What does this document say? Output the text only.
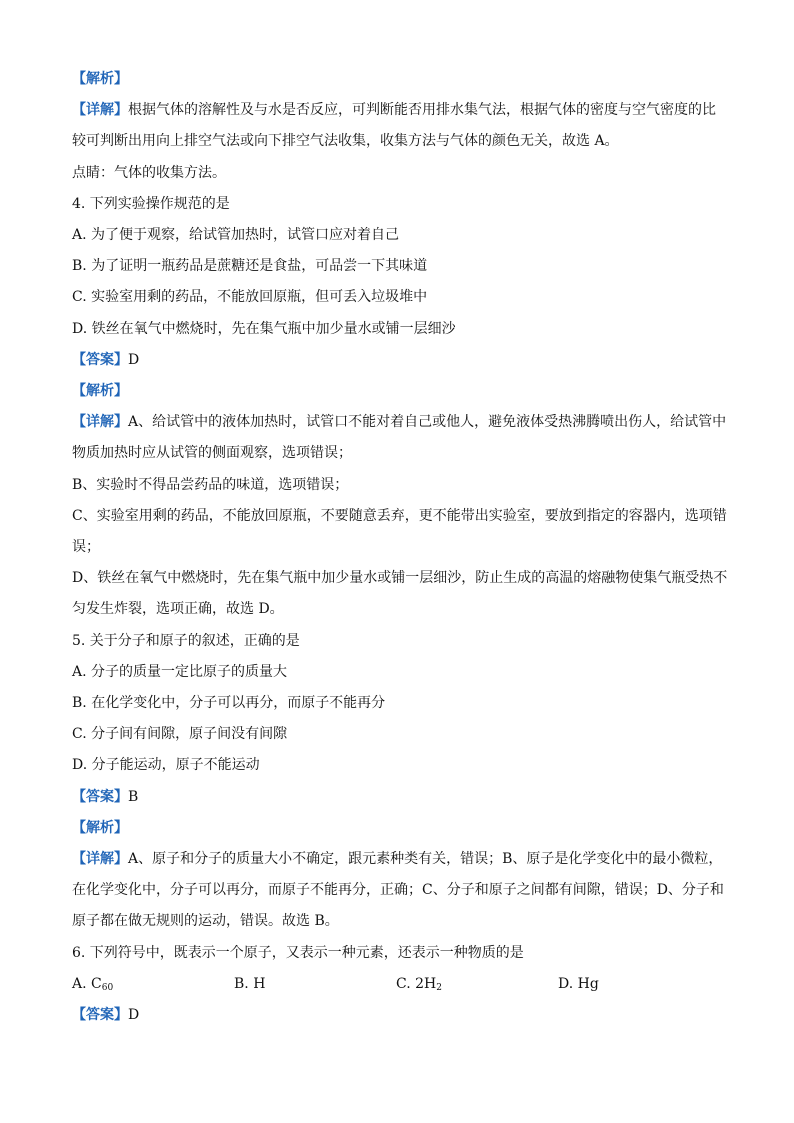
【解析】
【详解】根据气体的溶解性及与水是否反应，可判断能否用排水集气法，根据气体的密度与空气密度的比
较可判断出用向上排空气法或向下排空气法收集，收集方法与气体的颜色无关，故选 A。
点睛：气体的收集方法。
4. 下列实验操作规范的是
A. 为了便于观察，给试管加热时，试管口应对着自己
B. 为了证明一瓶药品是蔗糖还是食盐，可品尝一下其味道
C. 实验室用剩的药品，不能放回原瓶，但可丢入垃圾堆中
D. 铁丝在氧气中燃烧时，先在集气瓶中加少量水或铺一层细沙
【答案】D
【解析】
【详解】A、给试管中的液体加热时，试管口不能对着自己或他人，避免液体受热沸腾喷出伤人，给试管中
物质加热时应从试管的侧面观察，选项错误；
B、实验时不得品尝药品的味道，选项错误；
C、实验室用剩的药品，不能放回原瓶，不要随意丢弃，更不能带出实验室，要放到指定的容器内，选项错
误；
D、铁丝在氧气中燃烧时，先在集气瓶中加少量水或铺一层细沙，防止生成的高温的熔融物使集气瓶受热不
匀发生炸裂，选项正确，故选 D。
5. 关于分子和原子的叙述，正确的是
A. 分子的质量一定比原子的质量大
B. 在化学变化中，分子可以再分，而原子不能再分
C. 分子间有间隙，原子间没有间隙
D. 分子能运动，原子不能运动
【答案】B
【解析】
【详解】A、原子和分子的质量大小不确定，跟元素种类有关，错误；B、原子是化学变化中的最小微粒，
在化学变化中，分子可以再分，而原子不能再分，正确；C、分子和原子之间都有间隙，错误；D、分子和
原子都在做无规则的运动，错误。故选 B。
6. 下列符号中，既表示一个原子，又表示一种元素，还表示一种物质的是
A. $C_{60}$	B. H	C. $2H_2$	D. Hg
【答案】D
